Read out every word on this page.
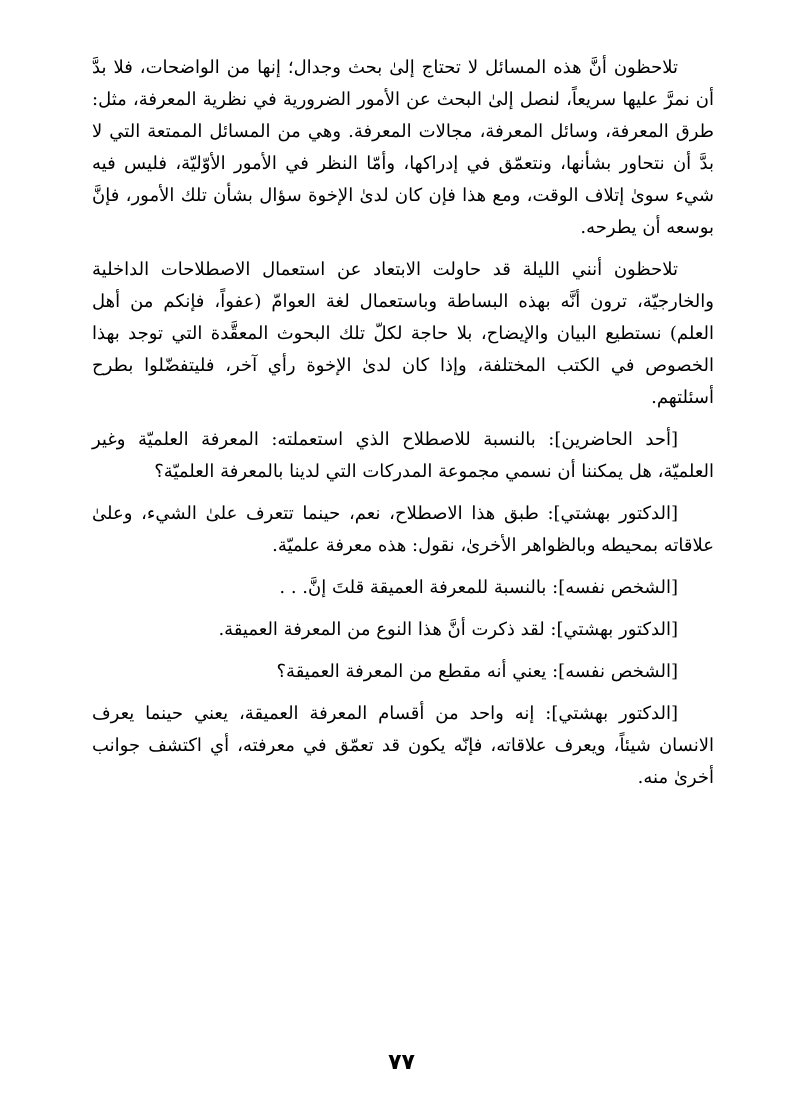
تلاحظون أنَّ هذه المسائل لا تحتاج إلىٰ بحث وجدال؛ إنها من الواضحات، فلا بدَّ أن نمرَّ عليها سريعاً، لنصل إلىٰ البحث عن الأمور الضرورية في نظرية المعرفة، مثل: طرق المعرفة، وسائل المعرفة، مجالات المعرفة. وهي من المسائل الممتعة التي لا بدَّ أن نتحاور بشأنها، ونتعمّق في إدراكها، وأمّا النظر في الأمور الأوّليّة، فليس فيه شيء سوىٰ إتلاف الوقت، ومع هذا فإن كان لدىٰ الإخوة سؤال بشأن تلك الأمور، فإنَّ بوسعه أن يطرحه.

تلاحظون أنني الليلة قد حاولت الابتعاد عن استعمال الاصطلاحات الداخلية والخارجيّة، ترون أنَّه بهذه البساطة وباستعمال لغة العوامّ (عفواً، فإنكم من أهل العلم) نستطيع البيان والإيضاح، بلا حاجة لكلّ تلك البحوث المعقَّدة التي توجد بهذا الخصوص في الكتب المختلفة، وإذا كان لدىٰ الإخوة رأي آخر، فليتفضّلوا بطرح أسئلتهم.

[أحد الحاضرين]: بالنسبة للاصطلاح الذي استعملته: المعرفة العلميّة وغير العلميّة، هل يمكننا أن نسمي مجموعة المدركات التي لدينا بالمعرفة العلميّة؟

[الدكتور بهشتي]: طبق هذا الاصطلاح، نعم، حينما تتعرف علىٰ الشيء، وعلىٰ علاقاته بمحيطه وبالظواهر الأخرىٰ، نقول: هذه معرفة علميّة.

[الشخص نفسه]: بالنسبة للمعرفة العميقة قلتَ إنَّ. . .

[الدكتور بهشتي]: لقد ذكرت أنَّ هذا النوع من المعرفة العميقة.

[الشخص نفسه]: يعني أنه مقطع من المعرفة العميقة؟

[الدكتور بهشتي]: إنه واحد من أقسام المعرفة العميقة، يعني حينما يعرف الانسان شيئاً، ويعرف علاقاته، فإنّه يكون قد تعمّق في معرفته، أي اكتشف جوانب أخرىٰ منه.

٧٧
